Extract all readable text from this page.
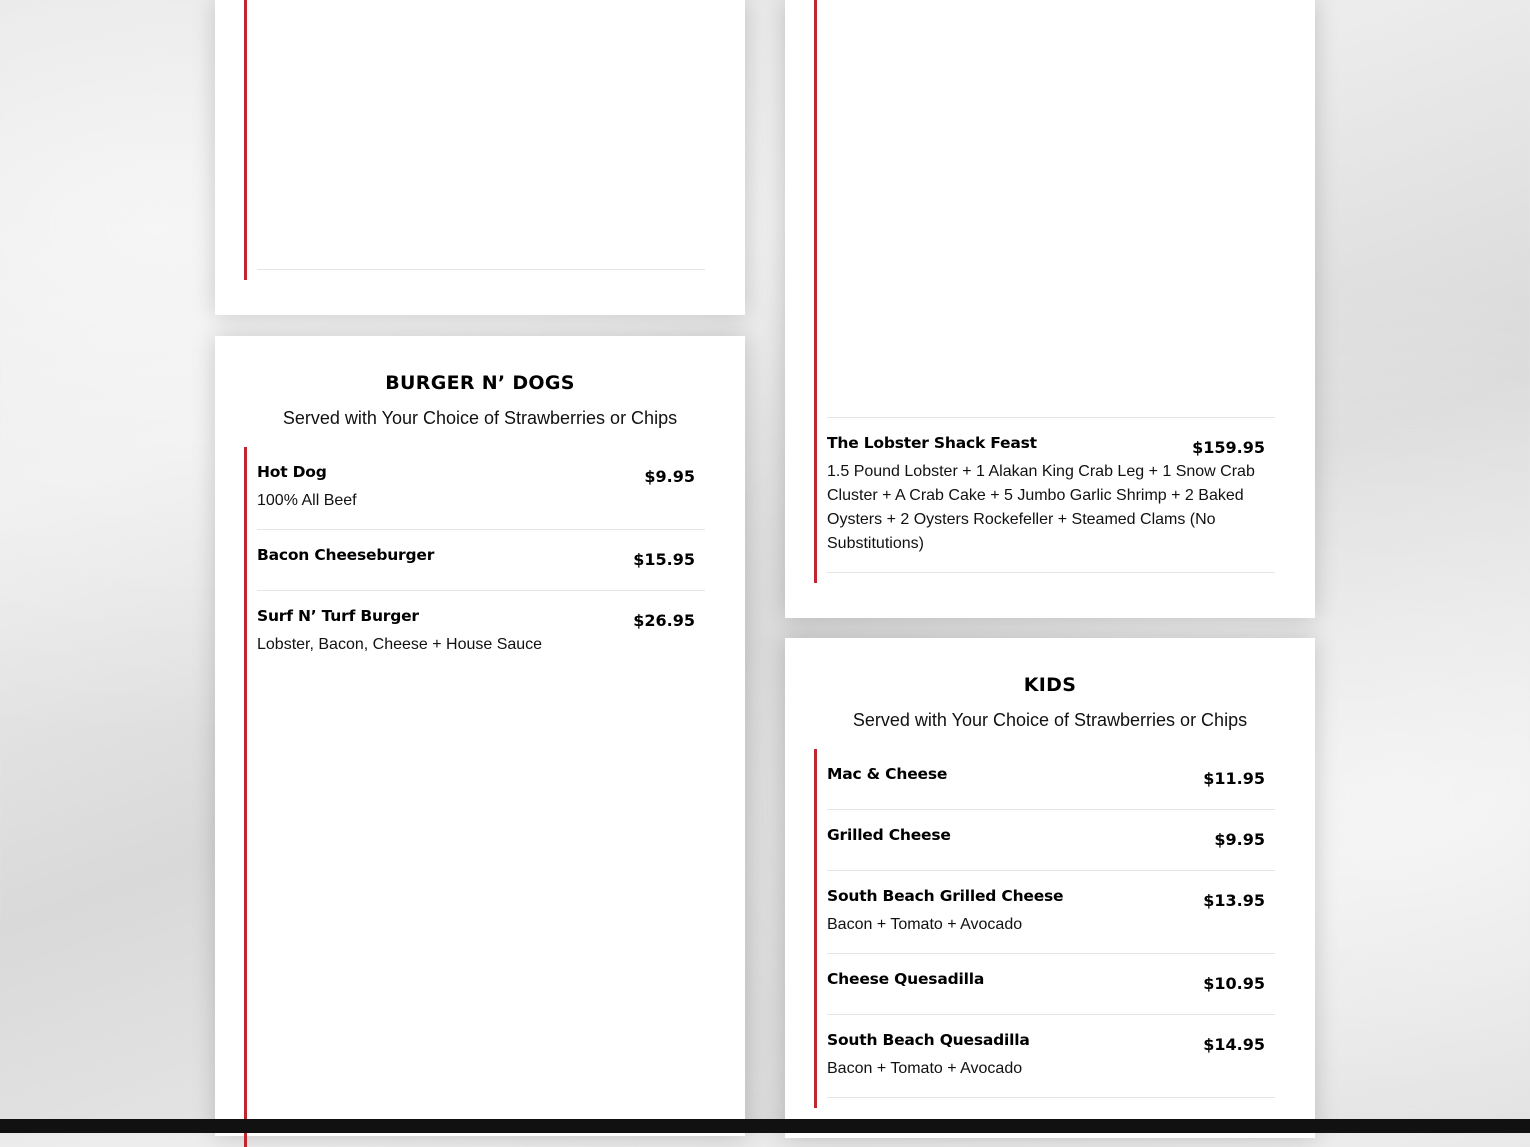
BURGER N’ DOGS

Served with Your Choice of Strawberries or Chips

Hot Dog	$9.95
100% All Beef
Bacon Cheeseburger	$15.95
Surf N’ Turf Burger	$26.95
Lobster, Bacon, Cheese + House Sauce
The Lobster Shack Feast	$159.95
1.5 Pound Lobster + 1 Alakan King Crab Leg + 1 Snow Crab Cluster + A Crab Cake + 5 Jumbo Garlic Shrimp + 2 Baked Oysters + 2 Oysters Rockefeller + Steamed Clams (No Substitutions)
KIDS

Served with Your Choice of Strawberries or Chips

Mac & Cheese	$11.95
Grilled Cheese	$9.95
South Beach Grilled Cheese	$13.95
Bacon + Tomato + Avocado
Cheese Quesadilla	$10.95
South Beach Quesadilla	$14.95
Bacon + Tomato + Avocado
